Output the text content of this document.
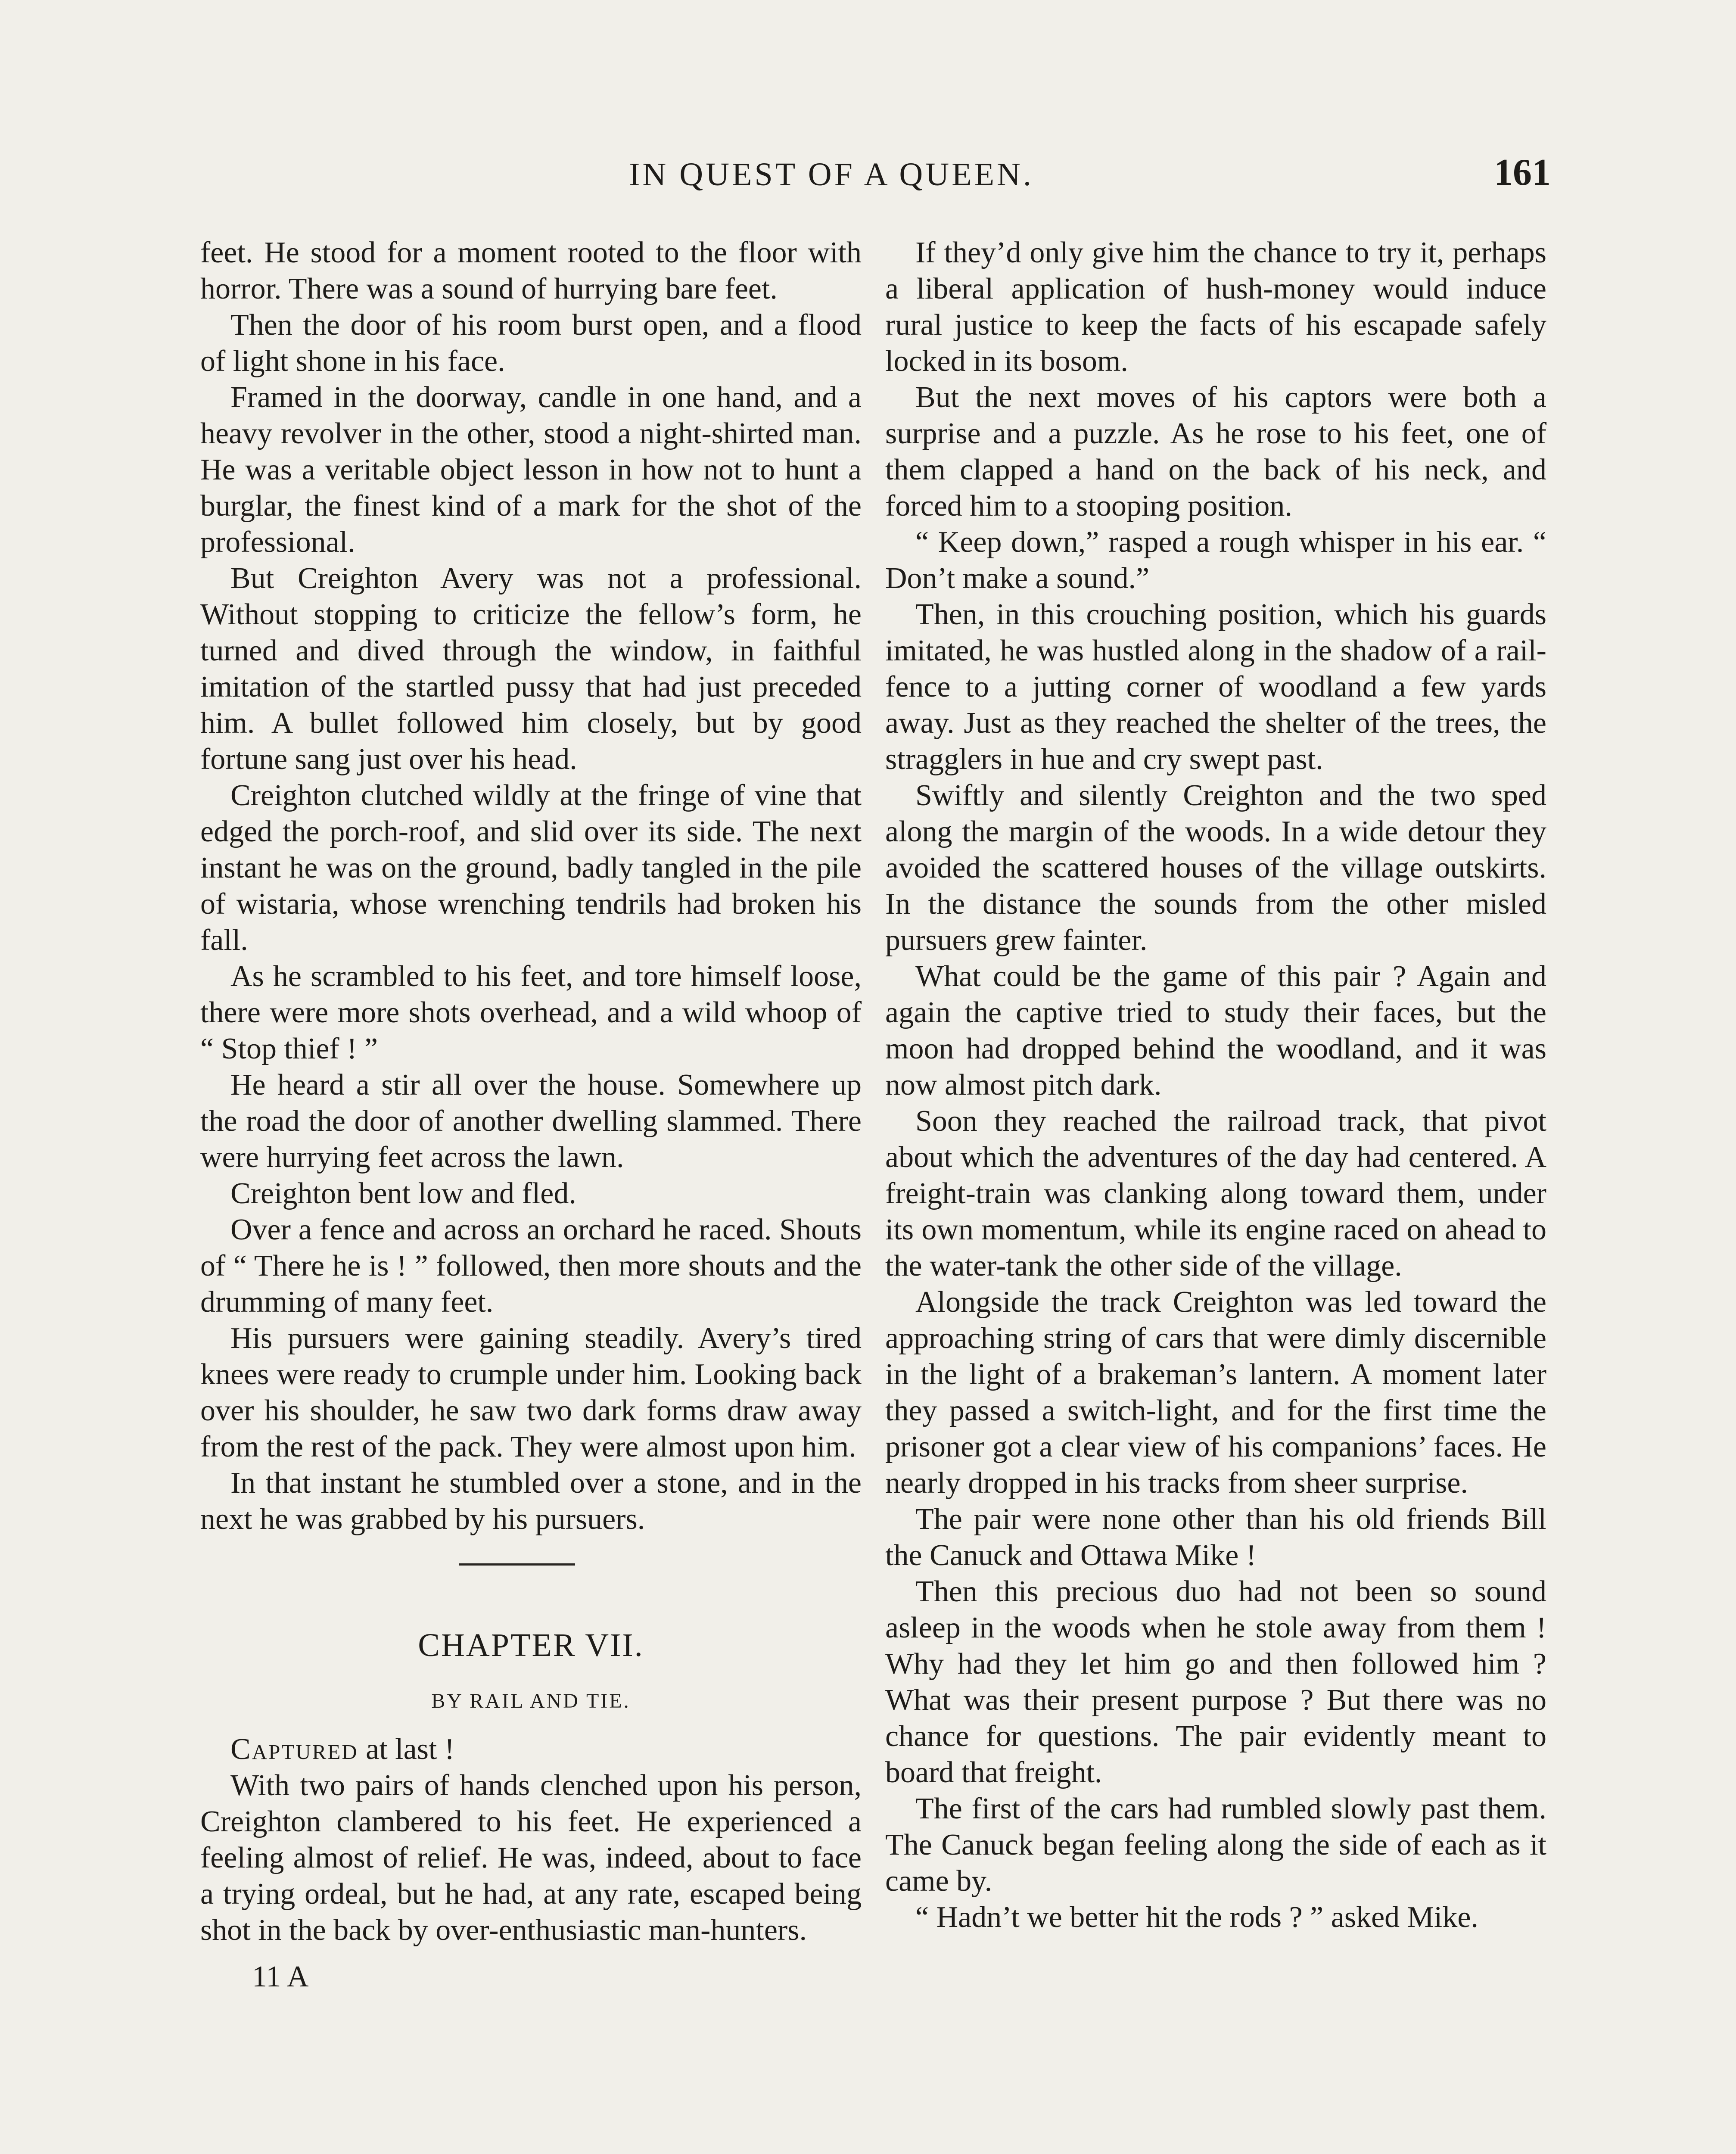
IN QUEST OF A QUEEN.	161

feet. He stood for a moment rooted to the floor with horror. There was a sound of hurrying bare feet.

Then the door of his room burst open, and a flood of light shone in his face.

Framed in the doorway, candle in one hand, and a heavy revolver in the other, stood a night-shirted man. He was a veritable object lesson in how not to hunt a burglar, the finest kind of a mark for the shot of the professional.

But Creighton Avery was not a professional. Without stopping to criticize the fellow’s form, he turned and dived through the window, in faithful imitation of the startled pussy that had just preceded him. A bullet followed him closely, but by good fortune sang just over his head.

Creighton clutched wildly at the fringe of vine that edged the porch-roof, and slid over its side. The next instant he was on the ground, badly tangled in the pile of wistaria, whose wrenching tendrils had broken his fall.

As he scrambled to his feet, and tore himself loose, there were more shots overhead, and a wild whoop of “ Stop thief ! ”

He heard a stir all over the house. Somewhere up the road the door of another dwelling slammed. There were hurrying feet across the lawn.

Creighton bent low and fled.

Over a fence and across an orchard he raced. Shouts of “ There he is ! ” followed, then more shouts and the drumming of many feet.

His pursuers were gaining steadily. Avery’s tired knees were ready to crumple under him. Looking back over his shoulder, he saw two dark forms draw away from the rest of the pack. They were almost upon him.

In that instant he stumbled over a stone, and in the next he was grabbed by his pursuers.

CHAPTER VII.
BY RAIL AND TIE.

Captured at last !

With two pairs of hands clenched upon his person, Creighton clambered to his feet. He experienced a feeling almost of relief. He was, indeed, about to face a trying ordeal, but he had, at any rate, escaped being shot in the back by over-enthusiastic man-hunters.

11 A

If they’d only give him the chance to try it, perhaps a liberal application of hush-money would induce rural justice to keep the facts of his escapade safely locked in its bosom.

But the next moves of his captors were both a surprise and a puzzle. As he rose to his feet, one of them clapped a hand on the back of his neck, and forced him to a stooping position.

“ Keep down,” rasped a rough whisper in his ear. “ Don’t make a sound.”

Then, in this crouching position, which his guards imitated, he was hustled along in the shadow of a rail-fence to a jutting corner of woodland a few yards away. Just as they reached the shelter of the trees, the stragglers in hue and cry swept past.

Swiftly and silently Creighton and the two sped along the margin of the woods. In a wide detour they avoided the scattered houses of the village outskirts. In the distance the sounds from the other misled pursuers grew fainter.

What could be the game of this pair ? Again and again the captive tried to study their faces, but the moon had dropped behind the woodland, and it was now almost pitch dark.

Soon they reached the railroad track, that pivot about which the adventures of the day had centered. A freight-train was clanking along toward them, under its own momentum, while its engine raced on ahead to the water-tank the other side of the village.

Alongside the track Creighton was led toward the approaching string of cars that were dimly discernible in the light of a brakeman’s lantern. A moment later they passed a switch-light, and for the first time the prisoner got a clear view of his companions’ faces. He nearly dropped in his tracks from sheer surprise.

The pair were none other than his old friends Bill the Canuck and Ottawa Mike !

Then this precious duo had not been so sound asleep in the woods when he stole away from them ! Why had they let him go and then followed him ? What was their present purpose ? But there was no chance for questions. The pair evidently meant to board that freight.

The first of the cars had rumbled slowly past them. The Canuck began feeling along the side of each as it came by.

“ Hadn’t we better hit the rods ? ” asked Mike.
